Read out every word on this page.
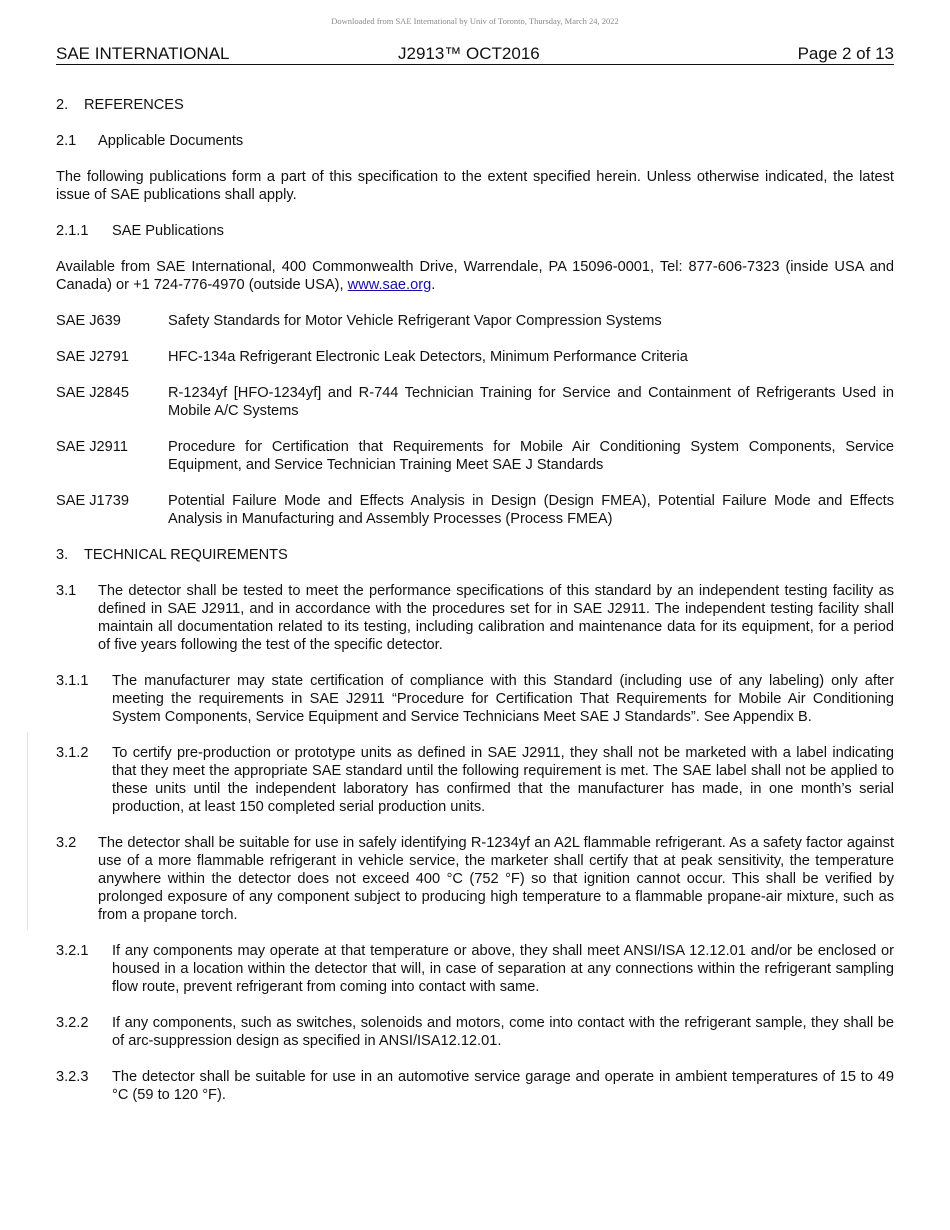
Downloaded from SAE International by Univ of Toronto, Thursday, March 24, 2022
SAE INTERNATIONAL	J2913™ OCT2016	Page 2 of 13
2. REFERENCES
2.1 Applicable Documents

The following publications form a part of this specification to the extent specified herein. Unless otherwise indicated, the latest issue of SAE publications shall apply.

2.1.1 SAE Publications

Available from SAE International, 400 Commonwealth Drive, Warrendale, PA 15096-0001, Tel: 877-606-7323 (inside USA and Canada) or +1 724-776-4970 (outside USA), www.sae.org.

SAE J639	Safety Standards for Motor Vehicle Refrigerant Vapor Compression Systems
SAE J2791	HFC-134a Refrigerant Electronic Leak Detectors, Minimum Performance Criteria
SAE J2845	R-1234yf [HFO-1234yf] and R-744 Technician Training for Service and Containment of Refrigerants Used in Mobile A/C Systems
SAE J2911	Procedure for Certification that Requirements for Mobile Air Conditioning System Components, Service Equipment, and Service Technician Training Meet SAE J Standards
SAE J1739	Potential Failure Mode and Effects Analysis in Design (Design FMEA), Potential Failure Mode and Effects Analysis in Manufacturing and Assembly Processes (Process FMEA)
3. TECHNICAL REQUIREMENTS
3.1	The detector shall be tested to meet the performance specifications of this standard by an independent testing facility as defined in SAE J2911, and in accordance with the procedures set for in SAE J2911. The independent testing facility shall maintain all documentation related to its testing, including calibration and maintenance data for its equipment, for a period of five years following the test of the specific detector.
3.1.1	The manufacturer may state certification of compliance with this Standard (including use of any labeling) only after meeting the requirements in SAE J2911 “Procedure for Certification That Requirements for Mobile Air Conditioning System Components, Service Equipment and Service Technicians Meet SAE J Standards”. See Appendix B.
3.1.2	To certify pre-production or prototype units as defined in SAE J2911, they shall not be marketed with a label indicating that they meet the appropriate SAE standard until the following requirement is met. The SAE label shall not be applied to these units until the independent laboratory has confirmed that the manufacturer has made, in one month’s serial production, at least 150 completed serial production units.
3.2	The detector shall be suitable for use in safely identifying R-1234yf an A2L flammable refrigerant. As a safety factor against use of a more flammable refrigerant in vehicle service, the marketer shall certify that at peak sensitivity, the temperature anywhere within the detector does not exceed 400 °C (752 °F) so that ignition cannot occur. This shall be verified by prolonged exposure of any component subject to producing high temperature to a flammable propane-air mixture, such as from a propane torch.
3.2.1	If any components may operate at that temperature or above, they shall meet ANSI/ISA 12.12.01 and/or be enclosed or housed in a location within the detector that will, in case of separation at any connections within the refrigerant sampling flow route, prevent refrigerant from coming into contact with same.
3.2.2	If any components, such as switches, solenoids and motors, come into contact with the refrigerant sample, they shall be of arc-suppression design as specified in ANSI/ISA12.12.01.
3.2.3	The detector shall be suitable for use in an automotive service garage and operate in ambient temperatures of 15 to 49 °C (59 to 120 °F).
